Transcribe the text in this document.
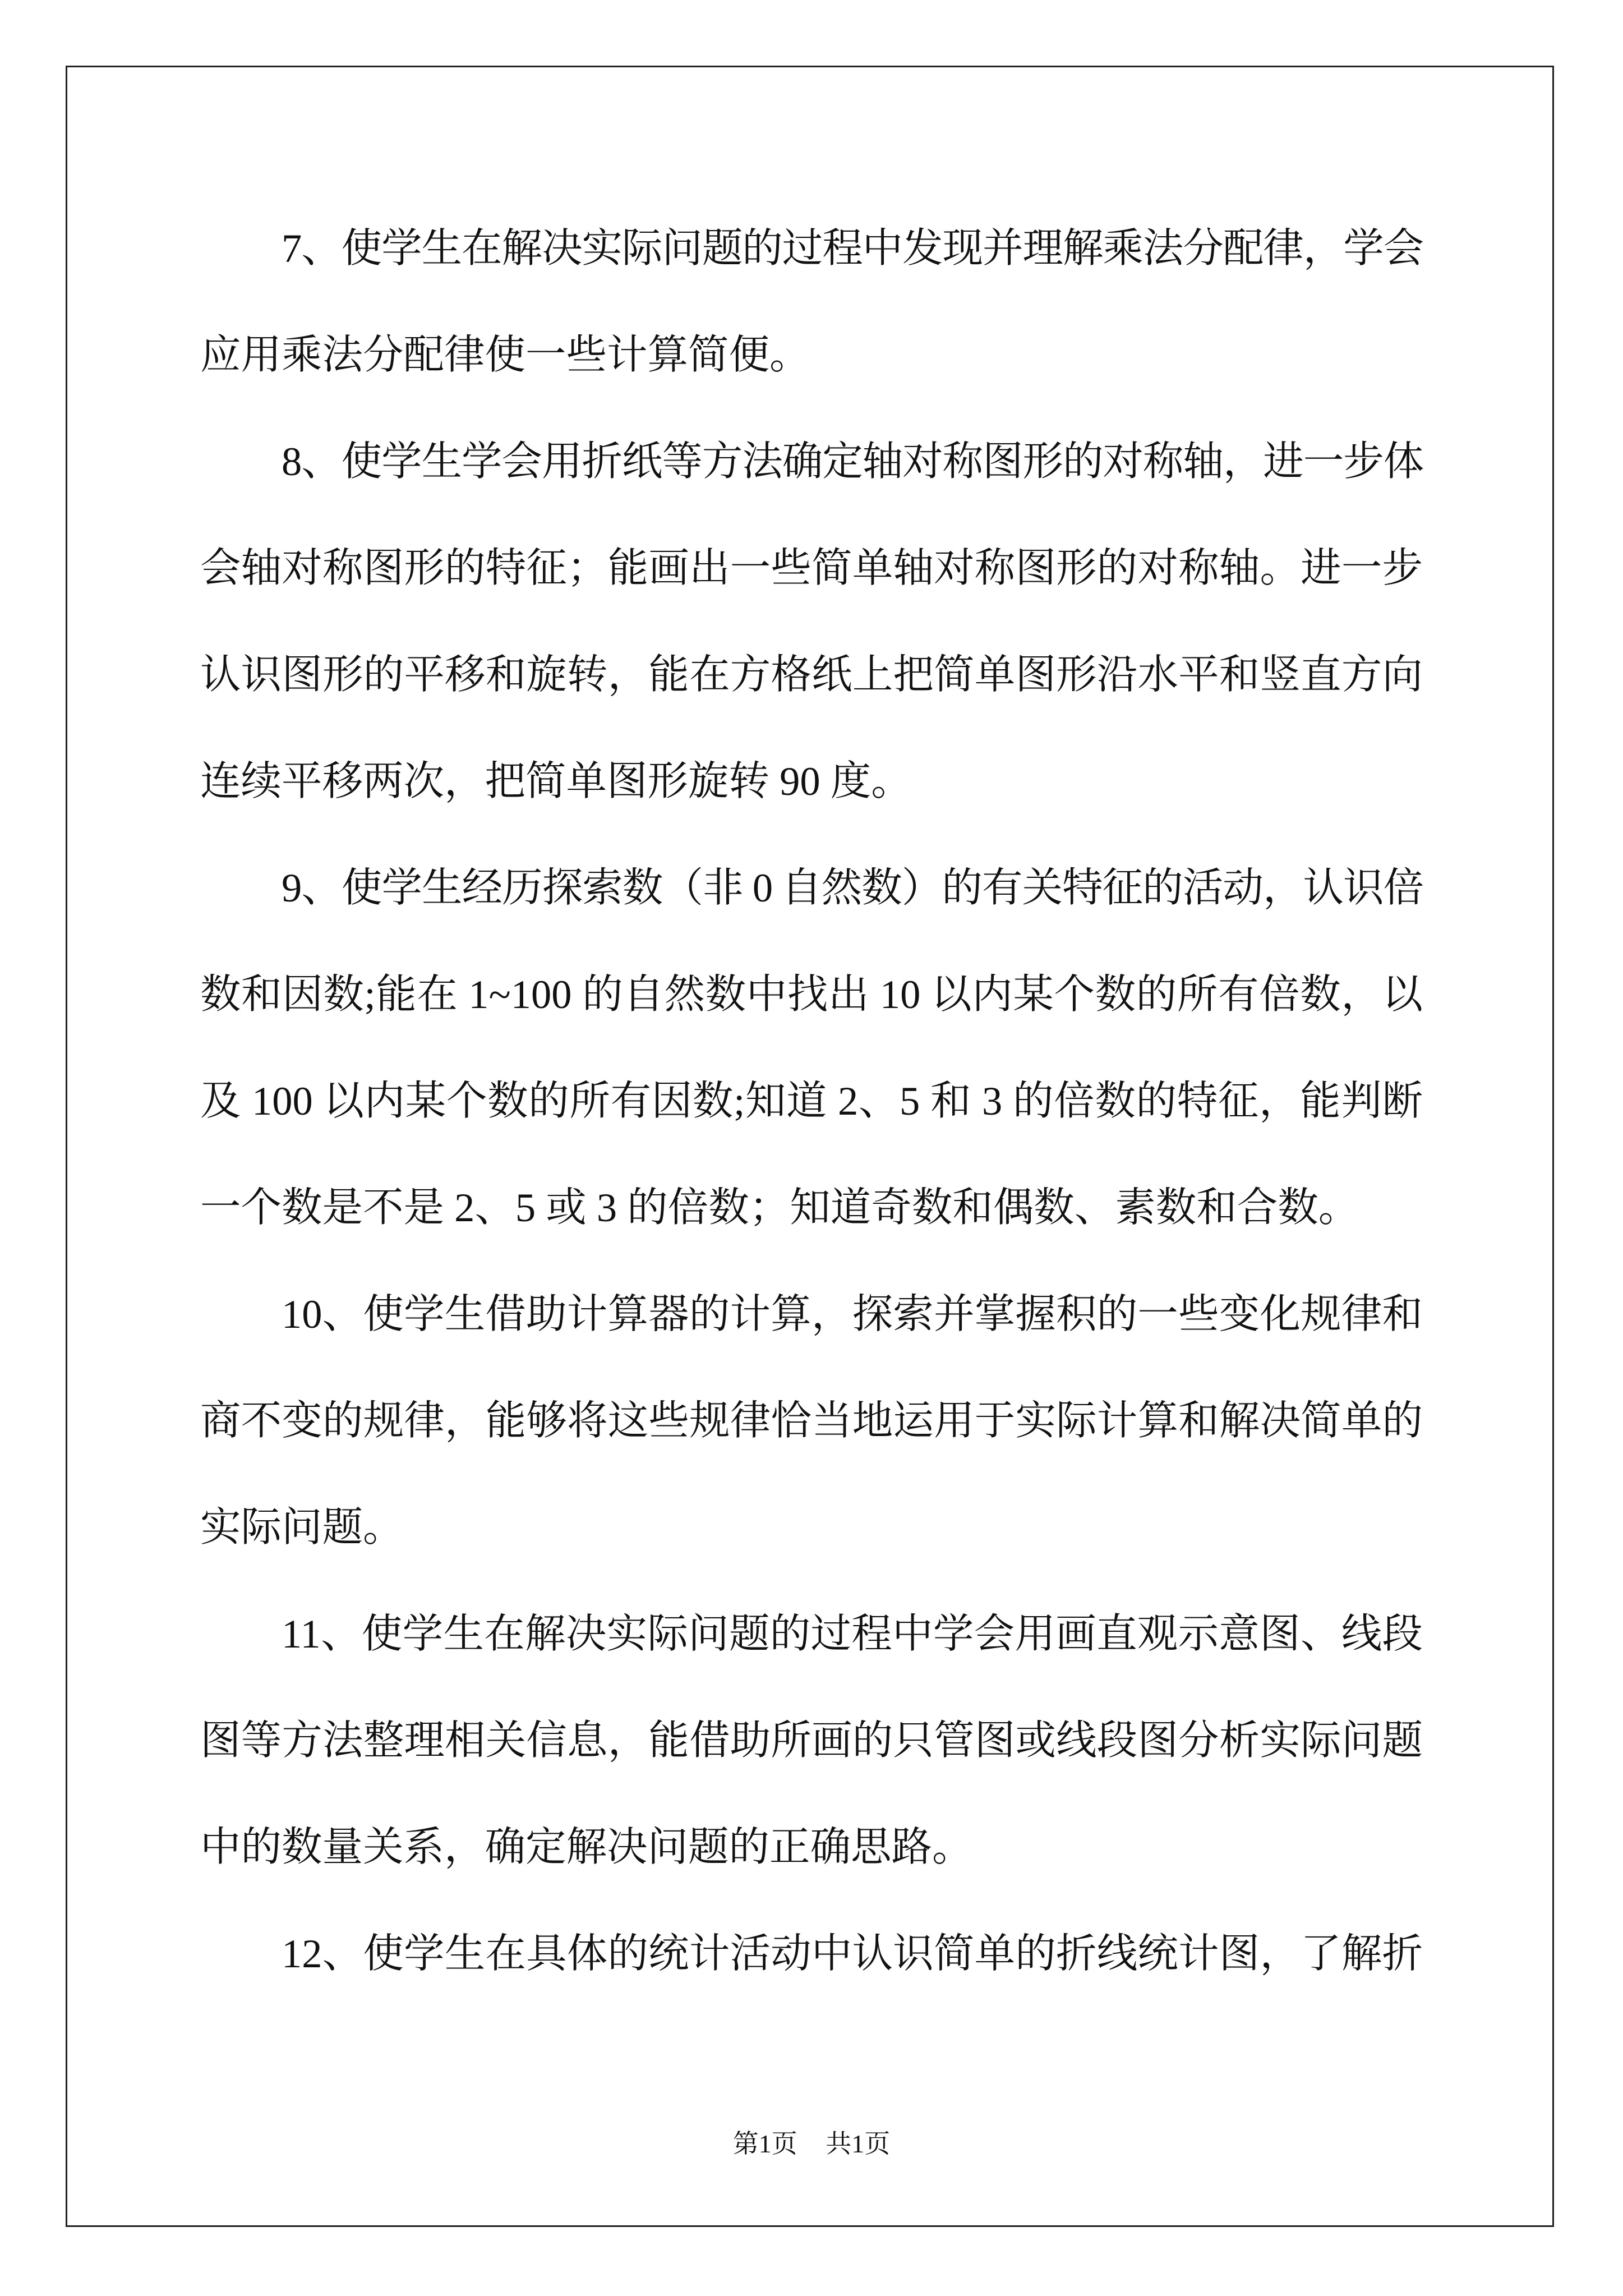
7、使学生在解决实际问题的过程中发现并理解乘法分配律，学会
应用乘法分配律使一些计算简便。
8、使学生学会用折纸等方法确定轴对称图形的对称轴，进一步体
会轴对称图形的特征；能画出一些简单轴对称图形的对称轴。进一步
认识图形的平移和旋转，能在方格纸上把简单图形沿水平和竖直方向
连续平移两次，把简单图形旋转 90 度。
9、使学生经历探索数（非 0 自然数）的有关特征的活动，认识倍
数和因数;能在 1~100 的自然数中找出 10 以内某个数的所有倍数，以
及 100 以内某个数的所有因数;知道 2、5 和 3 的倍数的特征，能判断
一个数是不是 2、5 或 3 的倍数；知道奇数和偶数、素数和合数。
10、使学生借助计算器的计算，探索并掌握积的一些变化规律和
商不变的规律，能够将这些规律恰当地运用于实际计算和解决简单的
实际问题。
11、使学生在解决实际问题的过程中学会用画直观示意图、线段
图等方法整理相关信息，能借助所画的只管图或线段图分析实际问题
中的数量关系，确定解决问题的正确思路。
12、使学生在具体的统计活动中认识简单的折线统计图，了解折
第1页 共1页
